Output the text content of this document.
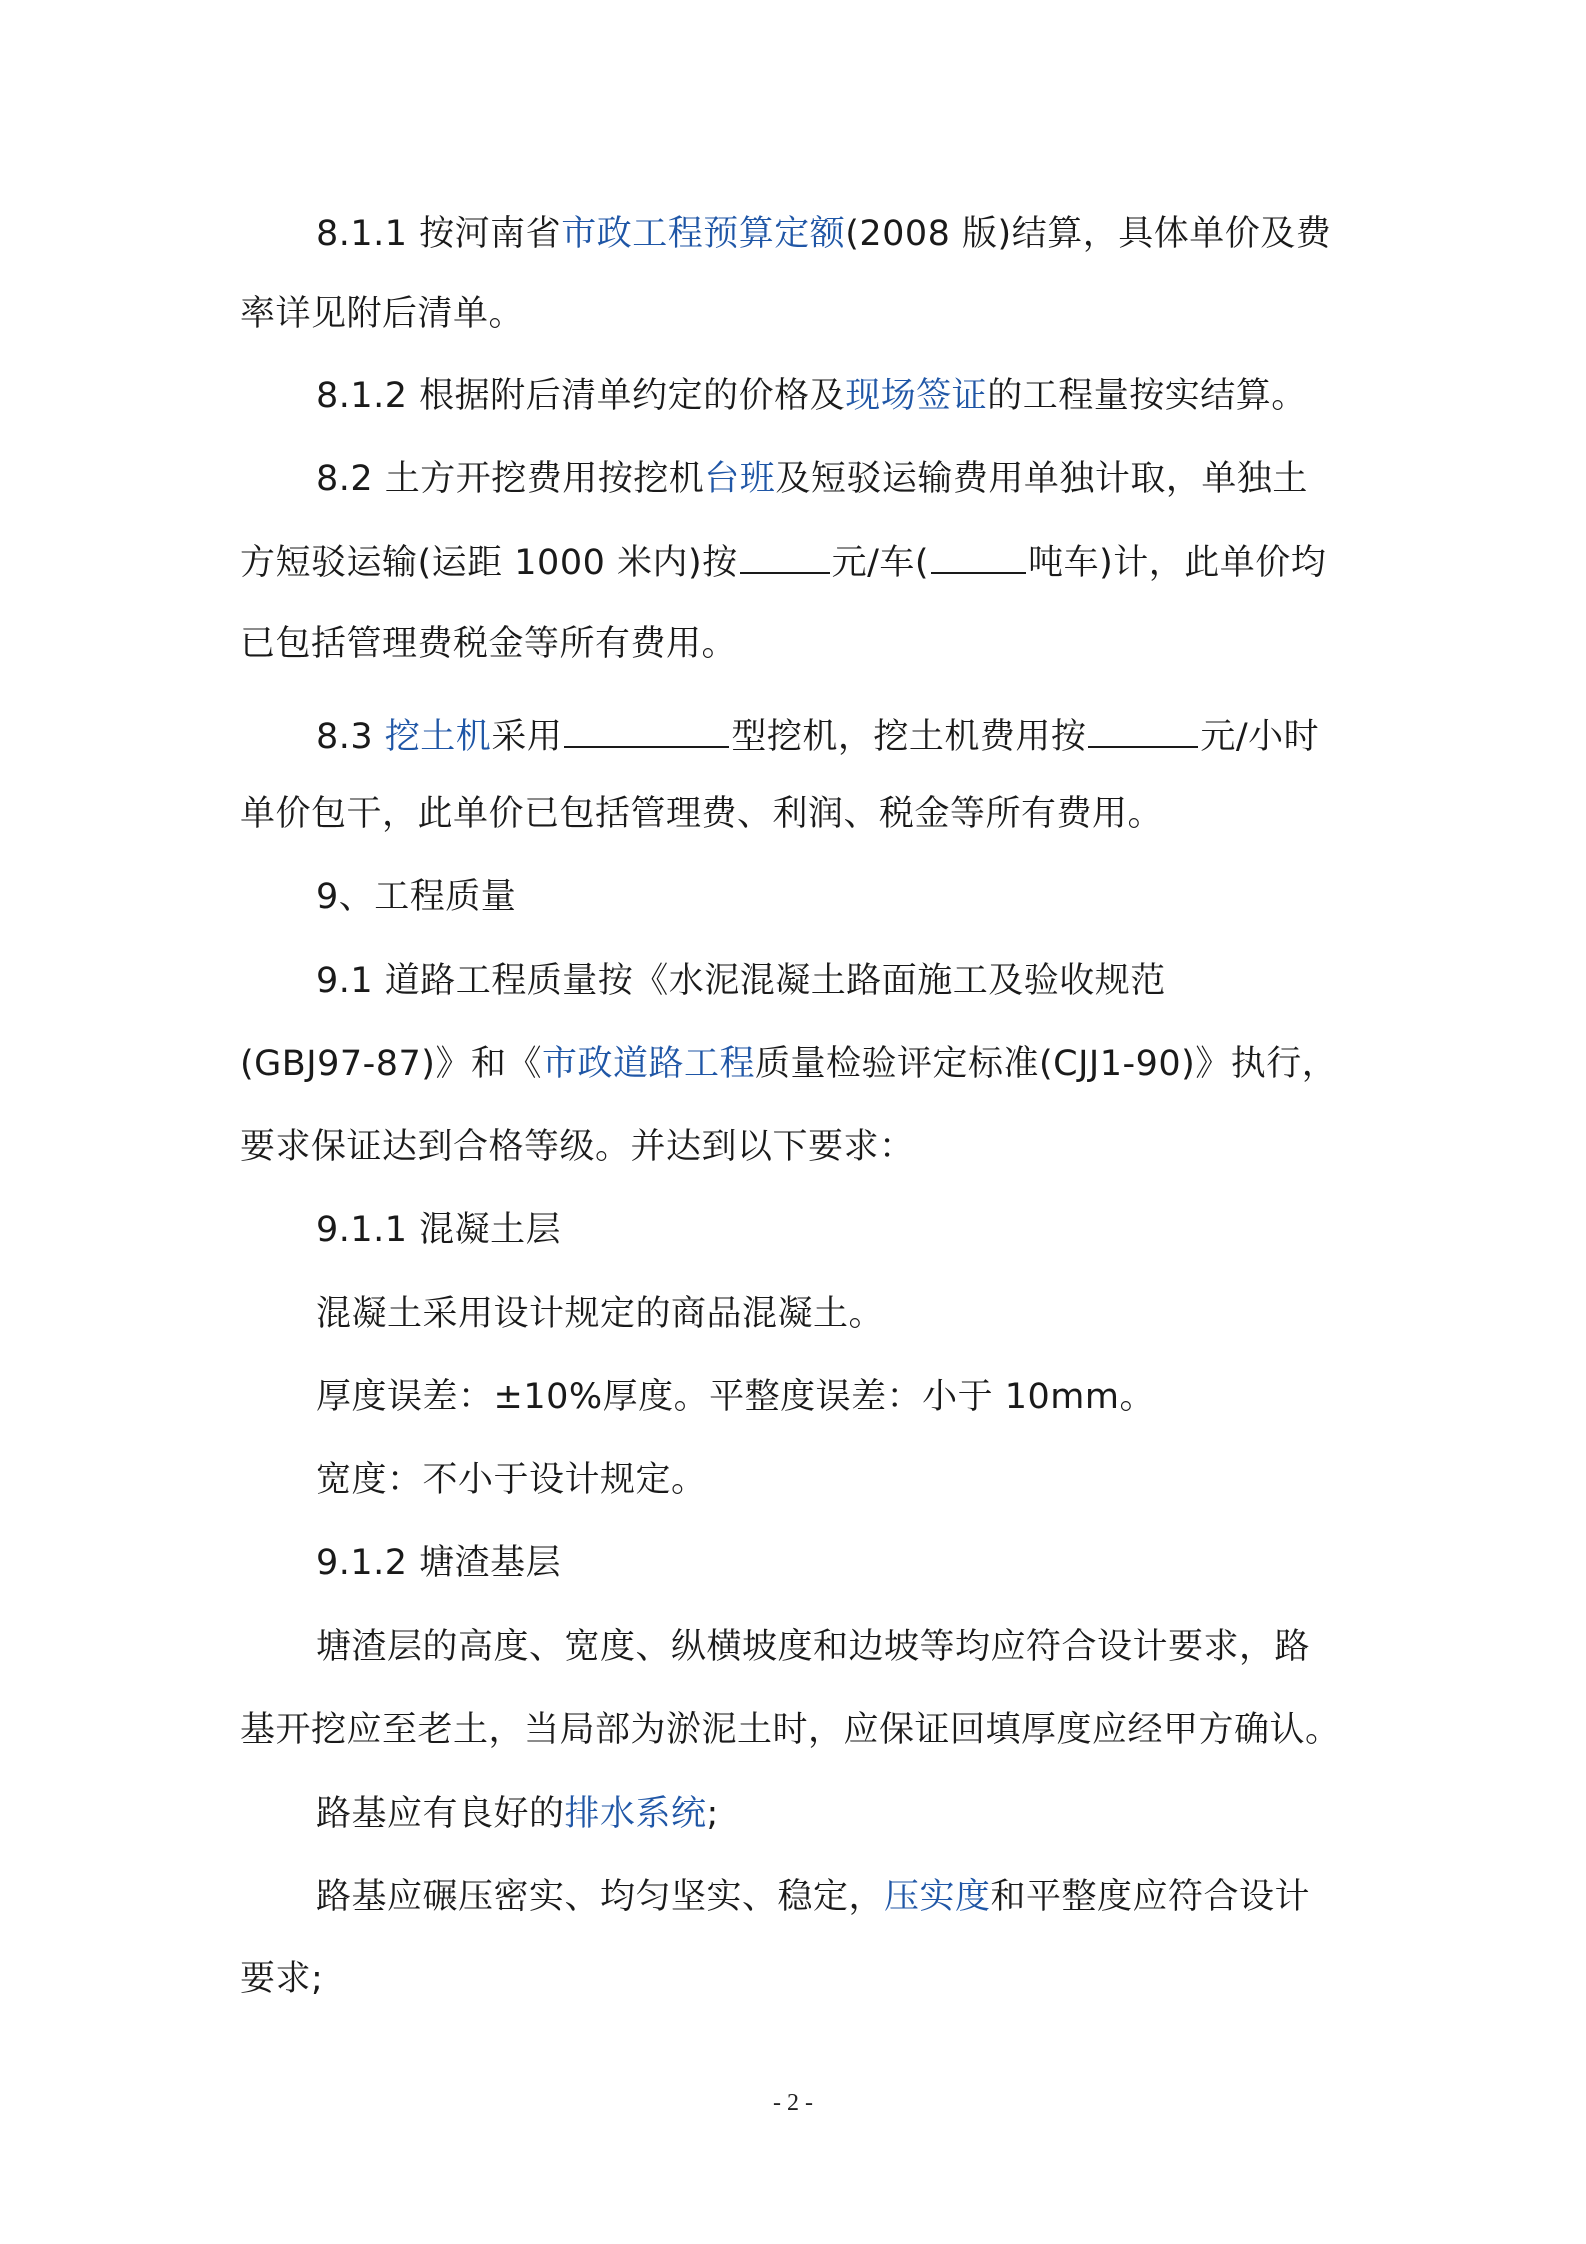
8.1.1 按河南省市政工程预算定额(2008 版)结算，具体单价及费
率详见附后清单。
8.1.2 根据附后清单约定的价格及现场签证的工程量按实结算。
8.2 土方开挖费用按挖机台班及短驳运输费用单独计取，单独土
方短驳运输(运距 1000 米内)按	元/车(	吨车)计，此单价均
已包括管理费税金等所有费用。
8.3 挖土机采用	型挖机，挖土机费用按	元/小时
单价包干，此单价已包括管理费、利润、税金等所有费用。
9、工程质量
9.1 道路工程质量按《水泥混凝土路面施工及验收规范
(GBJ97-87)》和《市政道路工程质量检验评定标准(CJJ1-90)》执行，
要求保证达到合格等级。并达到以下要求：
9.1.1 混凝土层
混凝土采用设计规定的商品混凝土。
厚度误差：±10%厚度。平整度误差：小于 10mm。
宽度：不小于设计规定。
9.1.2 塘渣基层
塘渣层的高度、宽度、纵横坡度和边坡等均应符合设计要求，路
基开挖应至老土，当局部为淤泥土时，应保证回填厚度应经甲方确认。
路基应有良好的排水系统;
路基应碾压密实、均匀坚实、稳定，压实度和平整度应符合设计
要求;
- 2 -
